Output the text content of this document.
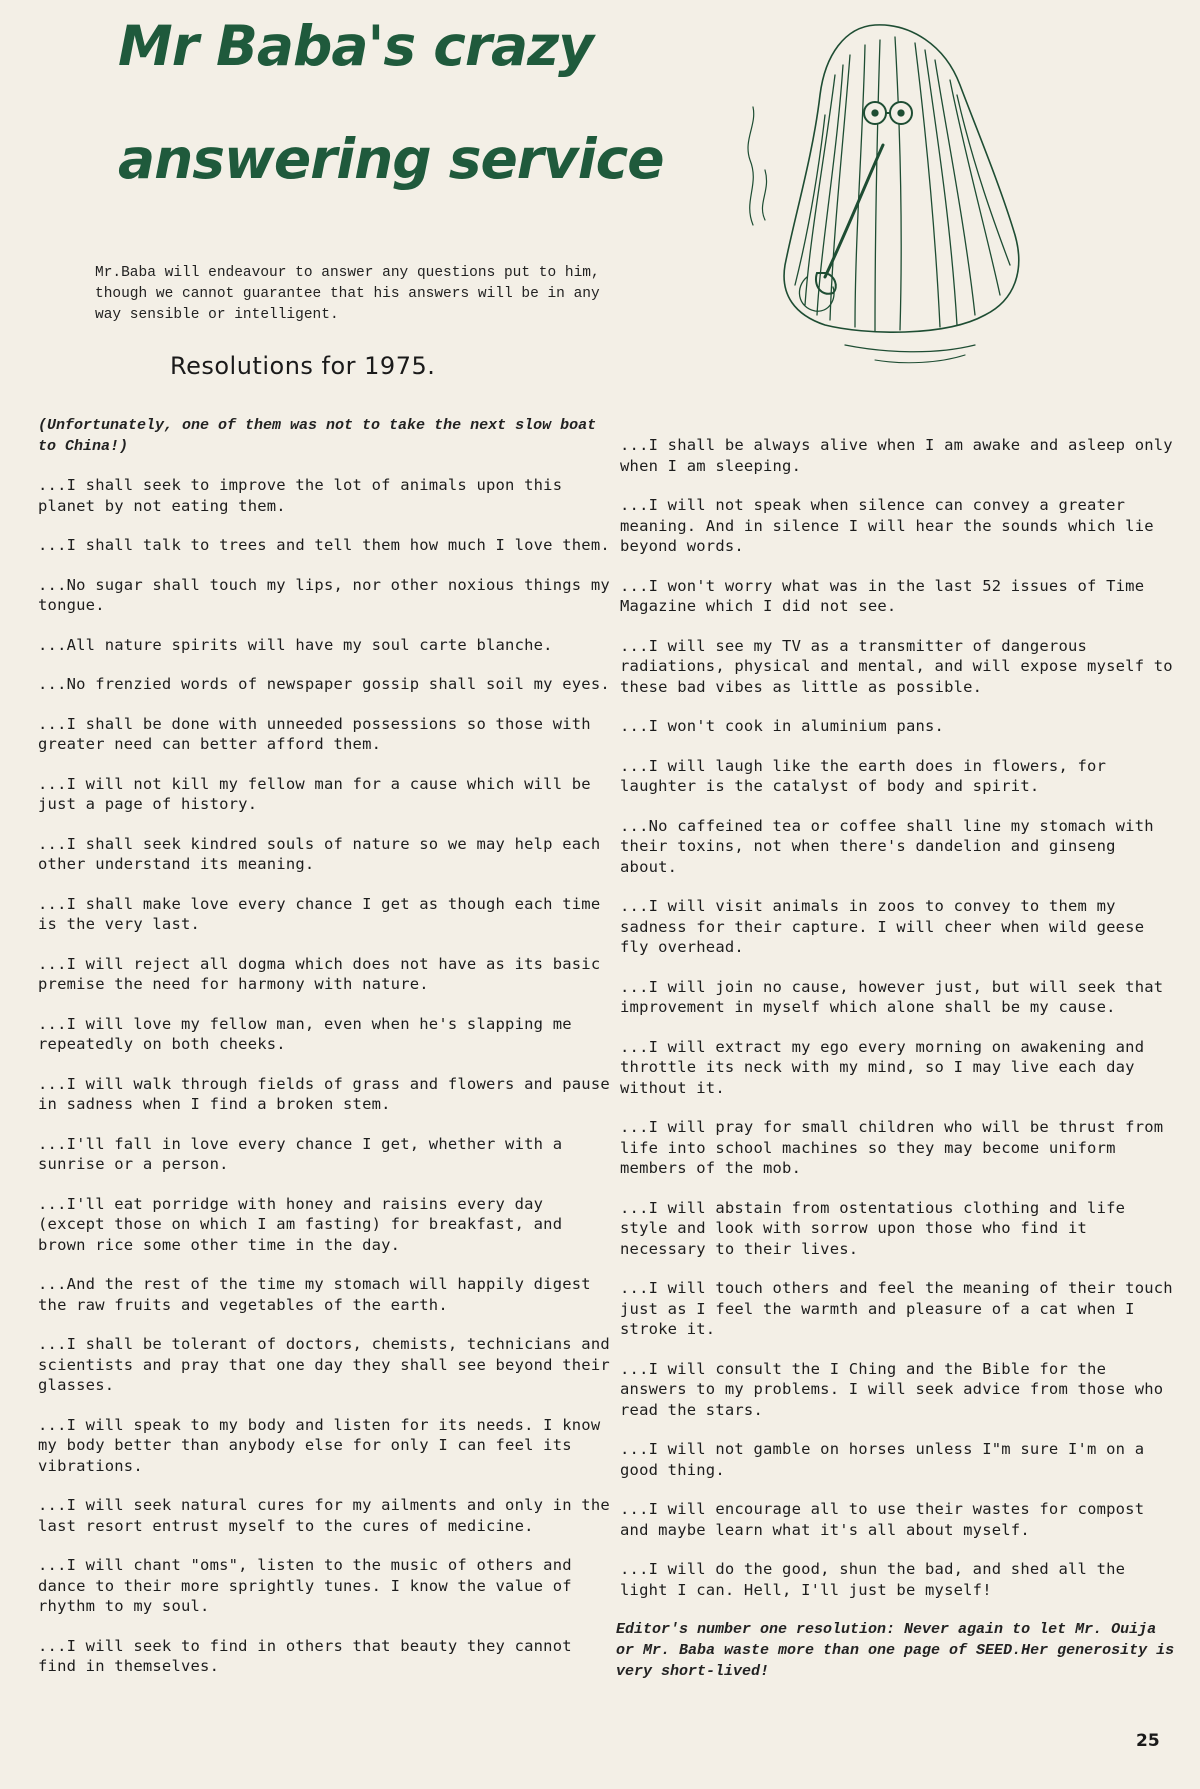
Mr Baba's crazy
answering service

Mr.Baba will endeavour to answer any questions put to him, though we cannot guarantee that his answers will be in any way sensible or intelligent.

Resolutions for 1975.

(Unfortunately, one of them was not to take the next slow boat to China!)

...I shall seek to improve the lot of animals upon this planet by not eating them.

...I shall talk to trees and tell them how much I love them.

...No sugar shall touch my lips, nor other noxious things my tongue.

...All nature spirits will have my soul carte blanche.

...No frenzied words of newspaper gossip shall soil my eyes.

...I shall be done with unneeded possessions so those with greater need can better afford them.

...I will not kill my fellow man for a cause which will be just a page of history.

...I shall seek kindred souls of nature so we may help each other understand its meaning.

...I shall make love every chance I get as though each time is the very last.

...I will reject all dogma which does not have as its basic premise the need for harmony with nature.

...I will love my fellow man, even when he's slapping me repeatedly on both cheeks.

...I will walk through fields of grass and flowers and pause in sadness when I find a broken stem.

...I'll fall in love every chance I get, whether with a sunrise or a person.

...I'll eat porridge with honey and raisins every day (except those on which I am fasting) for breakfast, and brown rice some other time in the day.

...And the rest of the time my stomach will happily digest the raw fruits and vegetables of the earth.

...I shall be tolerant of doctors, chemists, technicians and scientists and pray that one day they shall see beyond their glasses.

...I will speak to my body and listen for its needs. I know my body better than anybody else for only I can feel its vibrations.

...I will seek natural cures for my ailments and only in the last resort entrust myself to the cures of medicine.

...I will chant "oms", listen to the music of others and dance to their more sprightly tunes. I know the value of rhythm to my soul.

...I will seek to find in others that beauty they cannot find in themselves.

...I shall be always alive when I am awake and asleep only when I am sleeping.

...I will not speak when silence can convey a greater meaning. And in silence I will hear the sounds which lie beyond words.

...I won't worry what was in the last 52 issues of Time Magazine which I did not see.

...I will see my TV as a transmitter of dangerous radiations, physical and mental, and will expose myself to these bad vibes as little as possible.

...I won't cook in aluminium pans.

...I will laugh like the earth does in flowers, for laughter is the catalyst of body and spirit.

...No caffeined tea or coffee shall line my stomach with their toxins, not when there's dandelion and ginseng about.

...I will visit animals in zoos to convey to them my sadness for their capture. I will cheer when wild geese fly overhead.

...I will join no cause, however just, but will seek that improvement in myself which alone shall be my cause.

...I will extract my ego every morning on awakening and throttle its neck with my mind, so I may live each day without it.

...I will pray for small children who will be thrust from life into school machines so they may become uniform members of the mob.

...I will abstain from ostentatious clothing and life style and look with sorrow upon those who find it necessary to their lives.

...I will touch others and feel the meaning of their touch just as I feel the warmth and pleasure of a cat when I stroke it.

...I will consult the I Ching and the Bible for the answers to my problems. I will seek advice from those who read the stars.

...I will not gamble on horses unless I"m sure I'm on a good thing.

...I will encourage all to use their wastes for compost and maybe learn what it's all about myself.

...I will do the good, shun the bad, and shed all the light I can. Hell, I'll just be myself!

Editor's number one resolution: Never again to let Mr. Ouija or Mr. Baba waste more than one page of SEED.Her generosity is very short-lived!

25
